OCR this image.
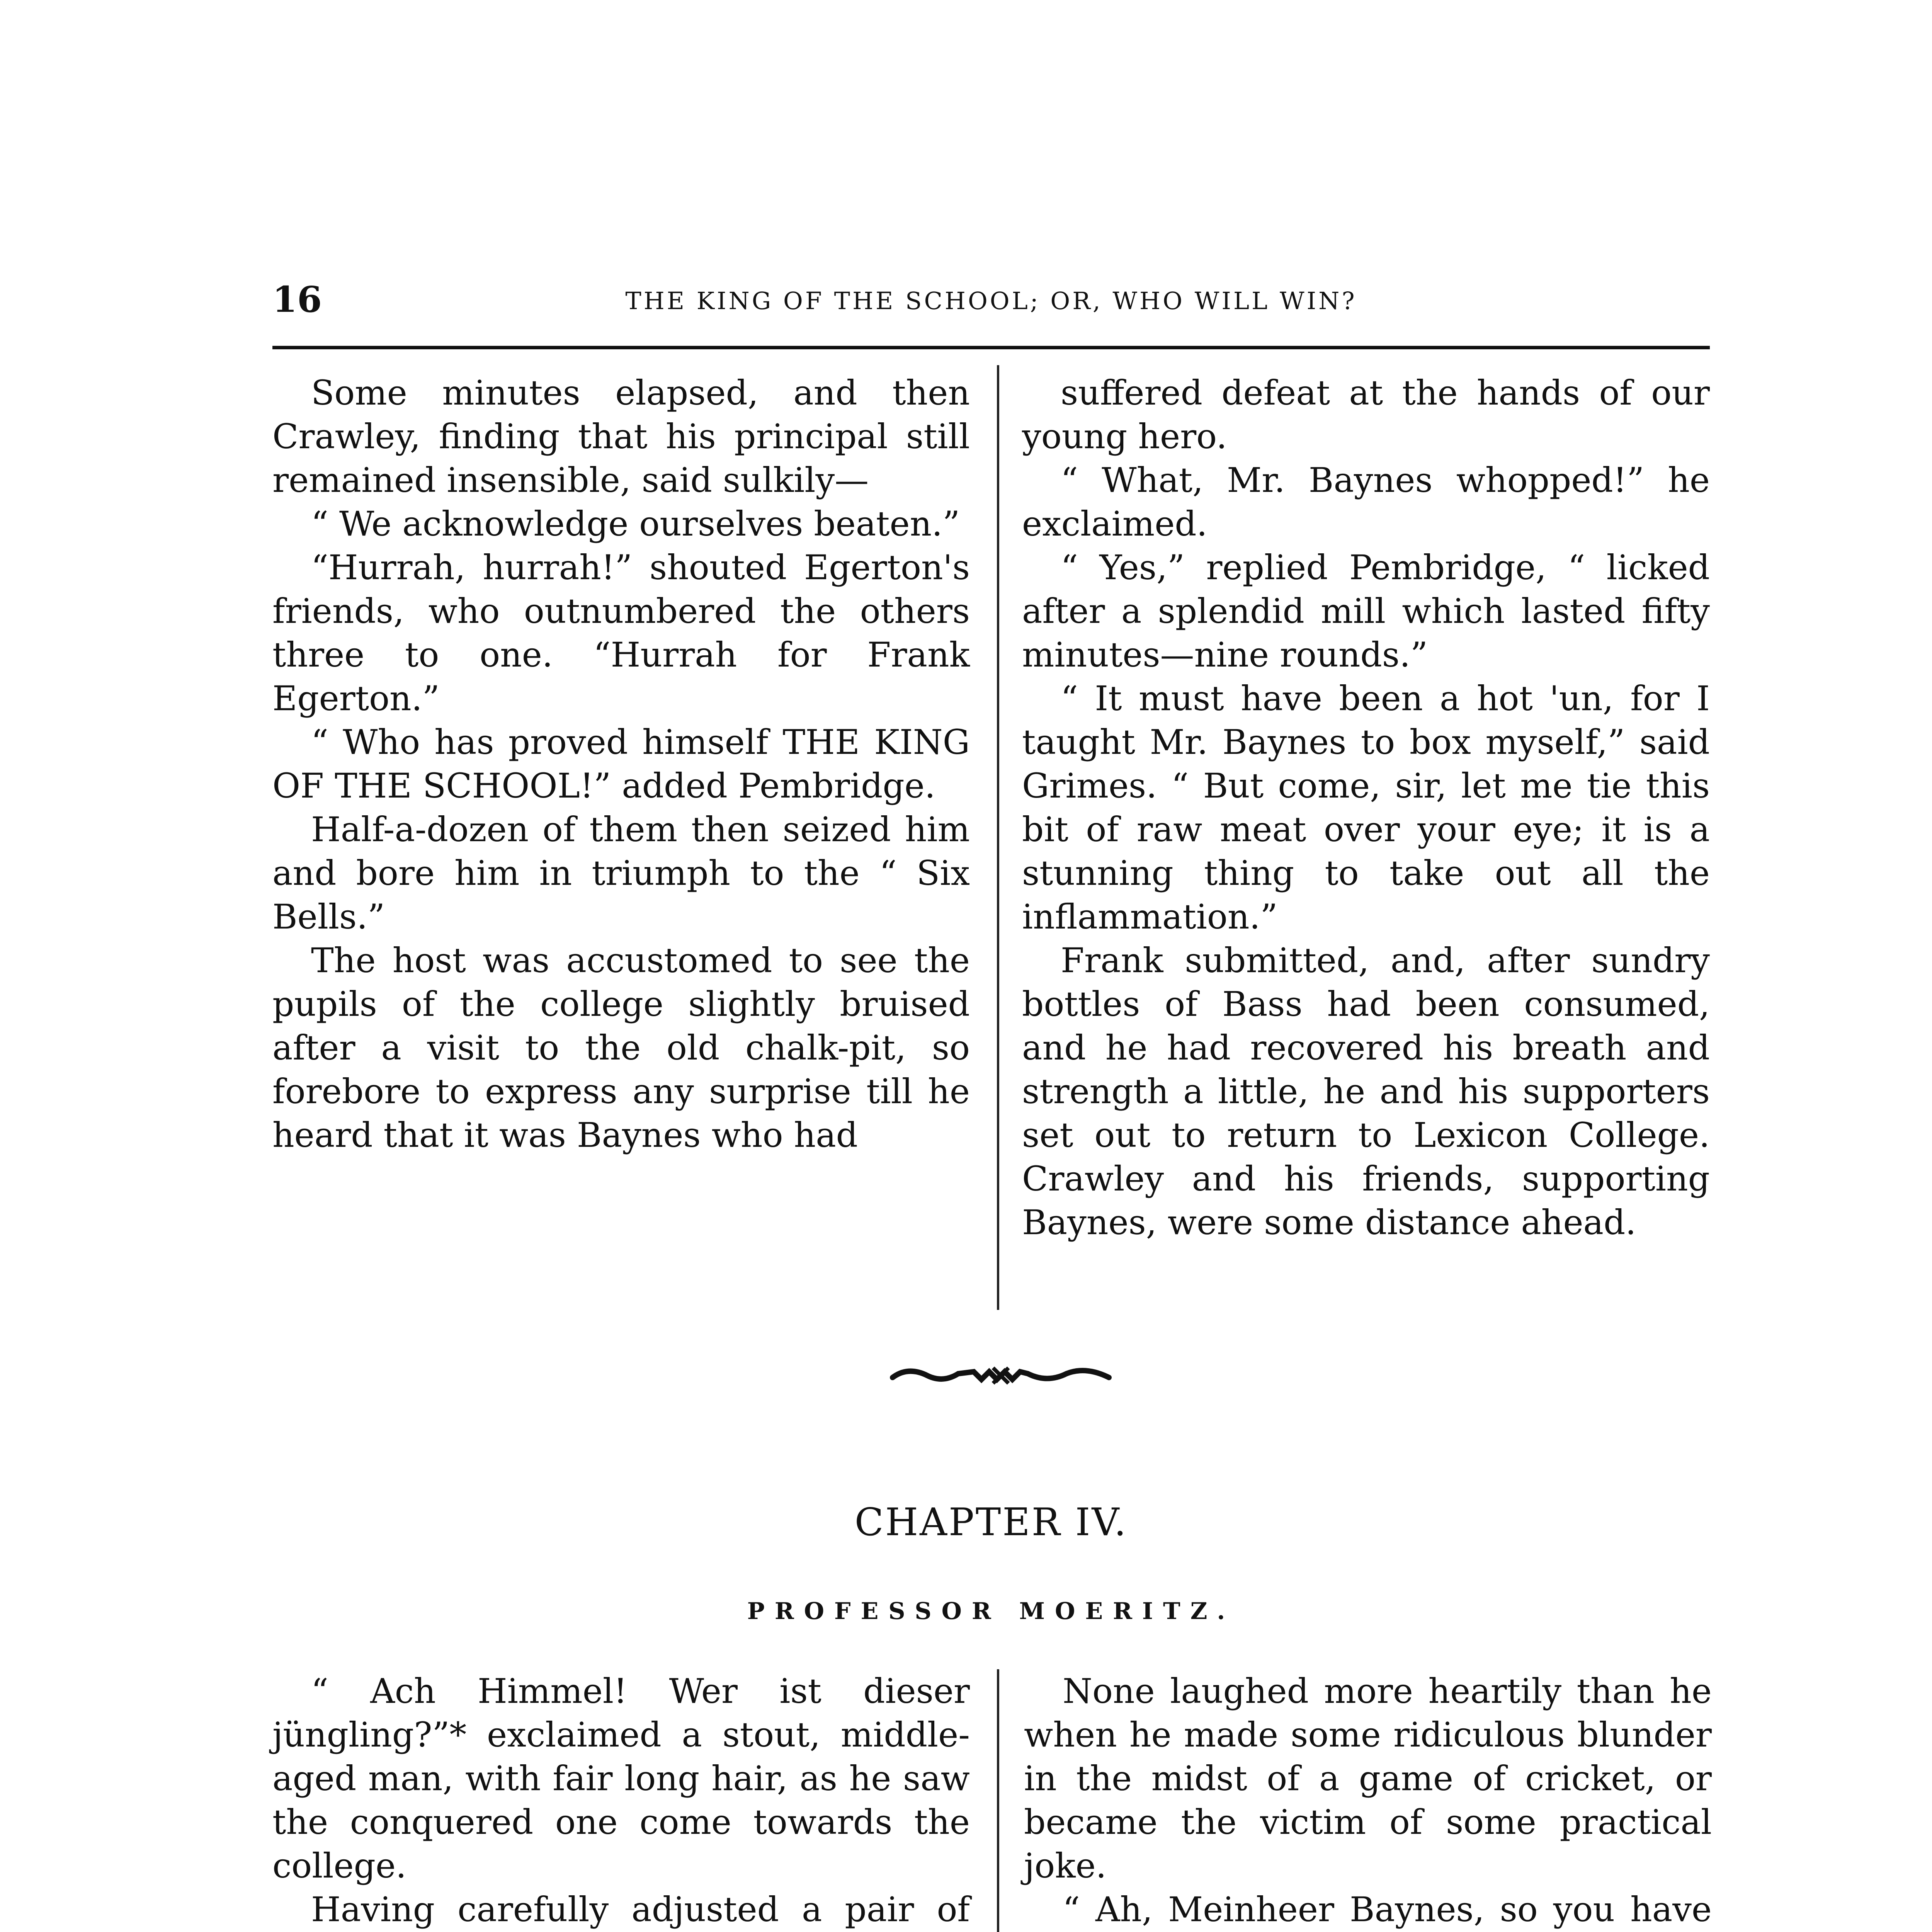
16	THE KING OF THE SCHOOL; OR, WHO WILL WIN?

Some minutes elapsed, and then Crawley, finding that his principal still remained insensible, said sulkily—

“ We acknowledge ourselves beaten.”

“Hurrah, hurrah!” shouted Egerton's friends, who outnumbered the others three to one. “Hurrah for Frank Egerton.”

“ Who has proved himself THE KING OF THE SCHOOL!” added Pembridge.

Half-a-dozen of them then seized him and bore him in triumph to the “ Six Bells.”

The host was accustomed to see the pupils of the college slightly bruised after a visit to the old chalk-pit, so forebore to express any surprise till he heard that it was Baynes who had

suffered defeat at the hands of our young hero.

“ What, Mr. Baynes whopped!” he exclaimed.

“ Yes,” replied Pembridge, “ licked after a splendid mill which lasted fifty minutes—nine rounds.”

“ It must have been a hot 'un, for I taught Mr. Baynes to box myself,” said Grimes. “ But come, sir, let me tie this bit of raw meat over your eye; it is a stunning thing to take out all the inflammation.”

Frank submitted, and, after sundry bottles of Bass had been consumed, and he had recovered his breath and strength a little, he and his supporters set out to return to Lexicon College. Crawley and his friends, supporting Baynes, were some distance ahead.

CHAPTER IV.
PROFESSOR MOERITZ.

“ Ach Himmel! Wer ist dieser jüngling?”* exclaimed a stout, middle-aged man, with fair long hair, as he saw the conquered one come towards the college.

Having carefully adjusted a pair of

None laughed more heartily than he when he made some ridiculous blunder in the midst of a game of cricket, or became the victim of some practical joke.

“ Ah, Meinheer Baynes, so you have
